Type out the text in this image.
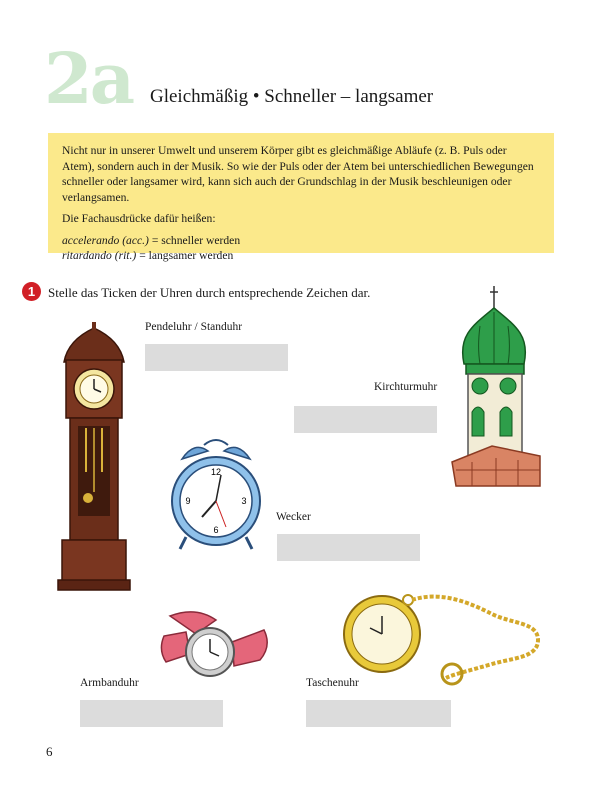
2a Gleichmäßig • Schneller – langsamer

Nicht nur in unserer Umwelt und unserem Körper gibt es gleichmäßige Abläufe (z. B. Puls oder Atem), sondern auch in der Musik. So wie der Puls oder der Atem bei unterschiedlichen Bewegungen schneller oder langsamer wird, kann sich auch der Grundschlag in der Musik beschleunigen oder verlangsamen.

Die Fachausdrücke dafür heißen:

accelerando (acc.) = schneller werden
ritardando (rit.) = langsamer werden
1 Stelle das Ticken der Uhren durch entsprechende Zeichen dar.
Pendeluhr / Standuhr
Kirchturmuhr
12
3
6
9
Wecker
Armbanduhr	Taschenuhr
6
